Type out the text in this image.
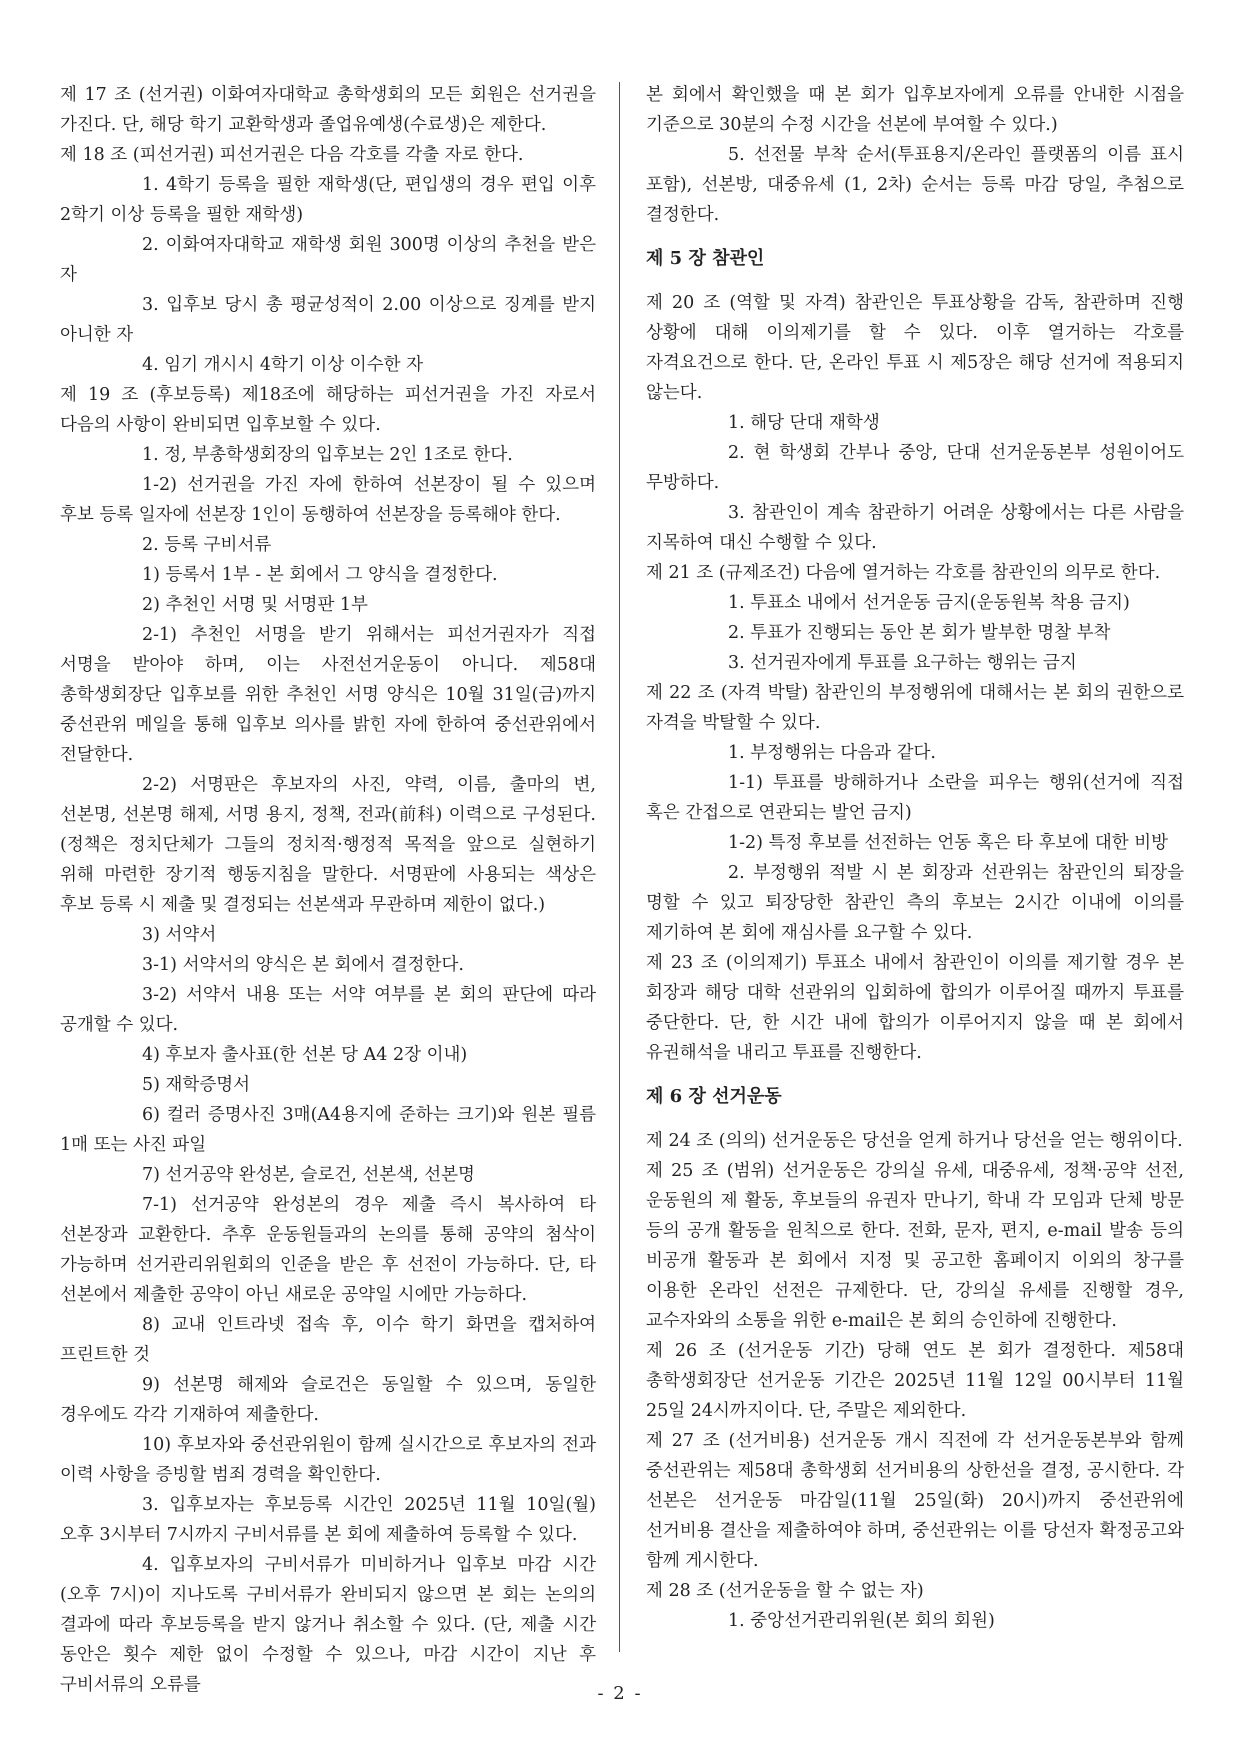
제 17 조 (선거권) 이화여자대학교 총학생회의 모든 회원은 선거권을 가진다. 단, 해당 학기 교환학생과 졸업유예생(수료생)은 제한다.

제 18 조 (피선거권) 피선거권은 다음 각호를 각출 자로 한다.

1. 4학기 등록을 필한 재학생(단, 편입생의 경우 편입 이후 2학기 이상 등록을 필한 재학생)

2. 이화여자대학교 재학생 회원 300명 이상의 추천을 받은 자

3. 입후보 당시 총 평균성적이 2.00 이상으로 징계를 받지 아니한 자

4. 임기 개시시 4학기 이상 이수한 자

제 19 조 (후보등록) 제18조에 해당하는 피선거권을 가진 자로서 다음의 사항이 완비되면 입후보할 수 있다.

1. 정, 부총학생회장의 입후보는 2인 1조로 한다.

1-2) 선거권을 가진 자에 한하여 선본장이 될 수 있으며 후보 등록 일자에 선본장 1인이 동행하여 선본장을 등록해야 한다.

2. 등록 구비서류

1) 등록서 1부 - 본 회에서 그 양식을 결정한다.

2) 추천인 서명 및 서명판 1부

2-1) 추천인 서명을 받기 위해서는 피선거권자가 직접 서명을 받아야 하며, 이는 사전선거운동이 아니다. 제58대 총학생회장단 입후보를 위한 추천인 서명 양식은 10월 31일(금)까지 중선관위 메일을 통해 입후보 의사를 밝힌 자에 한하여 중선관위에서 전달한다.

2-2) 서명판은 후보자의 사진, 약력, 이름, 출마의 변, 선본명, 선본명 해제, 서명 용지, 정책, 전과(前科) 이력으로 구성된다. (정책은 정치단체가 그들의 정치적·행정적 목적을 앞으로 실현하기 위해 마련한 장기적 행동지침을 말한다. 서명판에 사용되는 색상은 후보 등록 시 제출 및 결정되는 선본색과 무관하며 제한이 없다.)

3) 서약서

3-1) 서약서의 양식은 본 회에서 결정한다.

3-2) 서약서 내용 또는 서약 여부를 본 회의 판단에 따라 공개할 수 있다.

4) 후보자 출사표(한 선본 당 A4 2장 이내)

5) 재학증명서

6) 컬러 증명사진 3매(A4용지에 준하는 크기)와 원본 필름 1매 또는 사진 파일

7) 선거공약 완성본, 슬로건, 선본색, 선본명

7-1) 선거공약 완성본의 경우 제출 즉시 복사하여 타 선본장과 교환한다. 추후 운동원들과의 논의를 통해 공약의 첨삭이 가능하며 선거관리위원회의 인준을 받은 후 선전이 가능하다. 단, 타 선본에서 제출한 공약이 아닌 새로운 공약일 시에만 가능하다.

8) 교내 인트라넷 접속 후, 이수 학기 화면을 캡처하여 프린트한 것

9) 선본명 해제와 슬로건은 동일할 수 있으며, 동일한 경우에도 각각 기재하여 제출한다.

10) 후보자와 중선관위원이 함께 실시간으로 후보자의 전과 이력 사항을 증빙할 범죄 경력을 확인한다.

3. 입후보자는 후보등록 시간인 2025년 11월 10일(월) 오후 3시부터 7시까지 구비서류를 본 회에 제출하여 등록할 수 있다.

4. 입후보자의 구비서류가 미비하거나 입후보 마감 시간 (오후 7시)이 지나도록 구비서류가 완비되지 않으면 본 회는 논의의 결과에 따라 후보등록을 받지 않거나 취소할 수 있다. (단, 제출 시간 동안은 횟수 제한 없이 수정할 수 있으나, 마감 시간이 지난 후 구비서류의 오류를

본 회에서 확인했을 때 본 회가 입후보자에게 오류를 안내한 시점을 기준으로 30분의 수정 시간을 선본에 부여할 수 있다.)

5. 선전물 부착 순서(투표용지/온라인 플랫폼의 이름 표시 포함), 선본방, 대중유세 (1, 2차) 순서는 등록 마감 당일, 추첨으로 결정한다.

제 5 장 참관인

제 20 조 (역할 및 자격) 참관인은 투표상황을 감독, 참관하며 진행 상황에 대해 이의제기를 할 수 있다. 이후 열거하는 각호를 자격요건으로 한다. 단, 온라인 투표 시 제5장은 해당 선거에 적용되지 않는다.

1. 해당 단대 재학생

2. 현 학생회 간부나 중앙, 단대 선거운동본부 성원이어도 무방하다.

3. 참관인이 계속 참관하기 어려운 상황에서는 다른 사람을 지목하여 대신 수행할 수 있다.

제 21 조 (규제조건) 다음에 열거하는 각호를 참관인의 의무로 한다.

1. 투표소 내에서 선거운동 금지(운동원복 착용 금지)

2. 투표가 진행되는 동안 본 회가 발부한 명찰 부착

3. 선거권자에게 투표를 요구하는 행위는 금지

제 22 조 (자격 박탈) 참관인의 부정행위에 대해서는 본 회의 권한으로 자격을 박탈할 수 있다.

1. 부정행위는 다음과 같다.

1-1) 투표를 방해하거나 소란을 피우는 행위(선거에 직접 혹은 간접으로 연관되는 발언 금지)

1-2) 특정 후보를 선전하는 언동 혹은 타 후보에 대한 비방

2. 부정행위 적발 시 본 회장과 선관위는 참관인의 퇴장을 명할 수 있고 퇴장당한 참관인 측의 후보는 2시간 이내에 이의를 제기하여 본 회에 재심사를 요구할 수 있다.

제 23 조 (이의제기) 투표소 내에서 참관인이 이의를 제기할 경우 본 회장과 해당 대학 선관위의 입회하에 합의가 이루어질 때까지 투표를 중단한다. 단, 한 시간 내에 합의가 이루어지지 않을 때 본 회에서 유권해석을 내리고 투표를 진행한다.

제 6 장 선거운동

제 24 조 (의의) 선거운동은 당선을 얻게 하거나 당선을 얻는 행위이다.

제 25 조 (범위) 선거운동은 강의실 유세, 대중유세, 정책·공약 선전, 운동원의 제 활동, 후보들의 유권자 만나기, 학내 각 모임과 단체 방문 등의 공개 활동을 원칙으로 한다. 전화, 문자, 편지, e-mail 발송 등의 비공개 활동과 본 회에서 지정 및 공고한 홈페이지 이외의 창구를 이용한 온라인 선전은 규제한다. 단, 강의실 유세를 진행할 경우, 교수자와의 소통을 위한 e-mail은 본 회의 승인하에 진행한다.

제 26 조 (선거운동 기간) 당해 연도 본 회가 결정한다. 제58대 총학생회장단 선거운동 기간은 2025년 11월 12일 00시부터 11월 25일 24시까지이다. 단, 주말은 제외한다.

제 27 조 (선거비용) 선거운동 개시 직전에 각 선거운동본부와 함께 중선관위는 제58대 총학생회 선거비용의 상한선을 결정, 공시한다. 각 선본은 선거운동 마감일(11월 25일(화) 20시)까지 중선관위에 선거비용 결산을 제출하여야 하며, 중선관위는 이를 당선자 확정공고와 함께 게시한다.

제 28 조 (선거운동을 할 수 없는 자)

1. 중앙선거관리위원(본 회의 회원)

- 2 -
